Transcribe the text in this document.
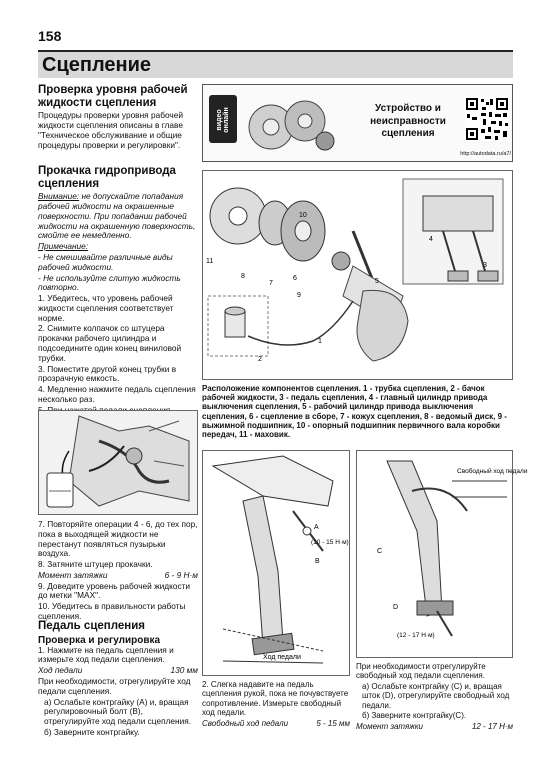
158
Сцепление
Проверка уровня рабочей жидкости сцепления

Процедуры проверки уровня рабочей жидкости сцепления описаны в главе "Техническое обслуживание и общие процедуры проверки и регулировки".

Прокачка гидропривода сцепления

Внимание: не допускайте попадания рабочей жидкости на окрашенные поверхности. При попадании рабочей жидкости на окрашенную поверхность, смойте ее немедленно.

Примечание:

- Не смешивайте различные виды рабочей жидкости.

- Не используйте слитую жидкость повторно.

1. Убедитесь, что уровень рабочей жидкости сцепления соответствует норме.

2. Снимите колпачок со штуцера прокачки рабочего цилиндра и подсоедините один конец виниловой трубки.

3. Поместите другой конец трубки в прозрачную емкость.

4. Медленно нажмите педаль сцепления несколько раз.

7. Повторяйте операции 4 - 6, до тех пор, пока в выходящей жидкости не перестанут появляться пузырьки воздуха.

8. Затяните штуцер прокачки.

Момент затяжки	6 - 9 Н·м

9. Доведите уровень рабочей жидкости до метки "MAX".

10. Убедитесь в правильности работы сцепления.

Педаль сцепления
Проверка и регулировка

1. Нажмите на педаль сцепления и измерьте ход педали сцепления.

Ход педали	130 мм

При необходимости, отрегулируйте ход педали сцепления.

а) Ослабьте контргайку (А) и, вращая регулировочный болт (В), отрегулируйте ход педали сцепления.

б) Заверните контргайку.

видео онлайн	Устройство и неисправности сцепления
http://autodata.ru/a7/
11
8
7
9
6
10
5
2
1
4
3
Расположение компонентов сцепления. 1 - трубка сцепления, 2 - бачок рабочей жидкости, 3 - педаль сцепления, 4 - главный цилиндр привода выключения сцепления, 5 - рабочий цилиндр привода выключения сцепления, 6 - сцепление в сборе, 7 - кожух сцепления, 8 - ведомый диск, 9 - выжимной подшипник, 10 - опорный подшипник первичного вала коробки передач, 11 - маховик.
A
(10 - 15 Н·м)
B
Ход педали
Свободный ход педали
C
D
(12 - 17 Н·м)

2. Слегка надавите на педаль сцепления рукой, пока не почувствуете сопротивление. Измерьте свободный ход педали.

Свободный ход педали	5 - 15 мм

При необходимости отрегулируйте свободный ход педали сцепления.

а) Ослабьте контргайку (С) и, вращая шток (D), отрегулируйте свободный ход педали.

б) Заверните контргайку(С).

Момент затяжки	12 - 17 Н·м
